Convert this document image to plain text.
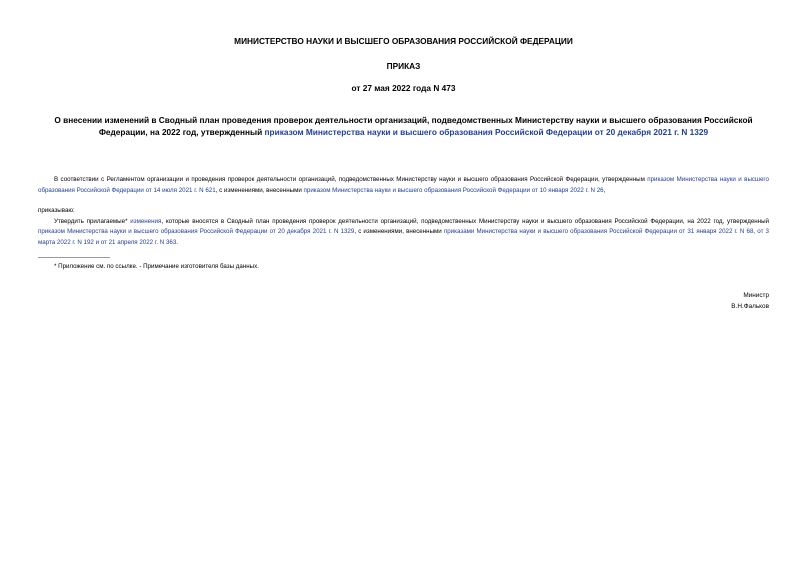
МИНИСТЕРСТВО НАУКИ И ВЫСШЕГО ОБРАЗОВАНИЯ РОССИЙСКОЙ ФЕДЕРАЦИИ

ПРИКАЗ

от 27 мая 2022 года N 473

О внесении изменений в Сводный план проведения проверок деятельности организаций, подведомственных Министерству науки и высшего образования Российской Федерации, на 2022 год, утвержденный приказом Министерства науки и высшего образования Российской Федерации от 20 декабря 2021 г. N 1329

В соответствии с Регламентом организации и проведения проверок деятельности организаций, подведомственных Министерству науки и высшего образования Российской Федерации, утвержденным приказом Министерства науки и высшего образования Российской Федерации от 14 июля 2021 г. N 621, с изменениями, внесенными приказом Министерства науки и высшего образования Российской Федерации от 10 января 2022 г. N 26,

приказываю:

Утвердить прилагаемые* изменения, которые вносятся в Сводный план проведения проверок деятельности организаций, подведомственных Министерству науки и высшего образования Российской Федерации, на 2022 год, утвержденный приказом Министерства науки и высшего образования Российской Федерации от 20 декабря 2021 г. N 1329, с изменениями, внесенными приказами Министерства науки и высшего образования Российской Федерации от 31 января 2022 г. N 68, от 3 марта 2022 г. N 192 и от 21 апреля 2022 г. N 363.

* Приложение см. по ссылке. - Примечание изготовителя базы данных.

Министр
В.Н.Фальков
